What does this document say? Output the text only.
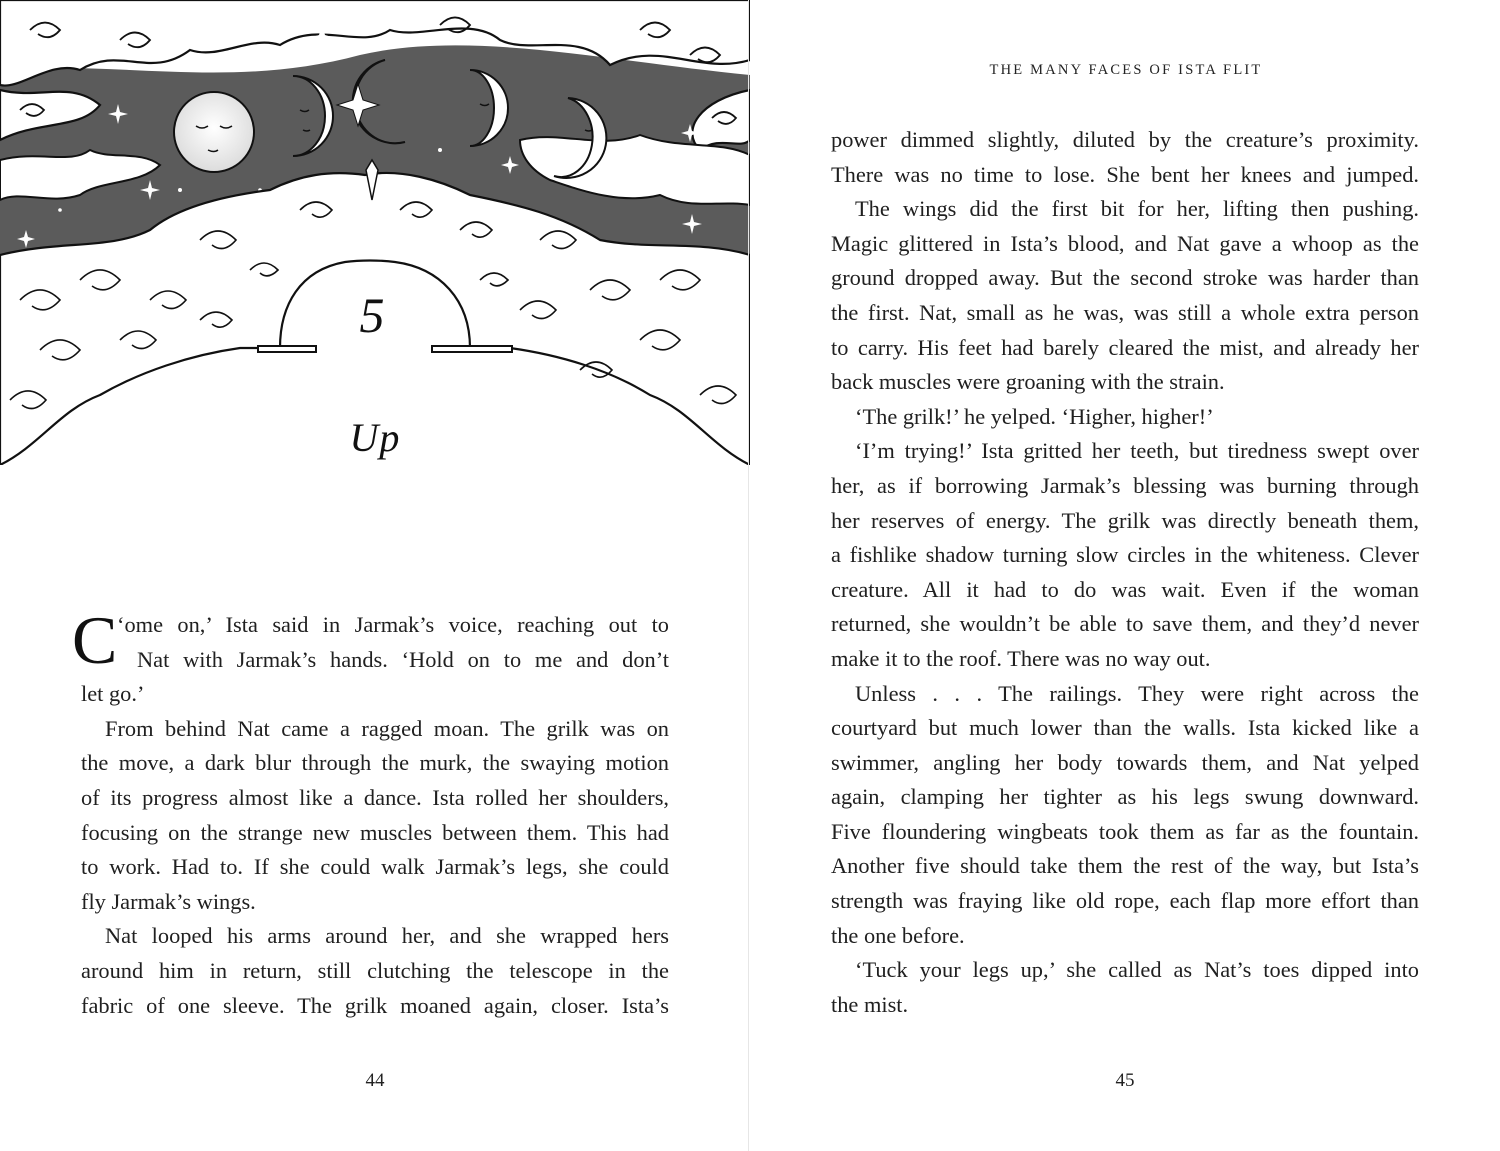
5
Up
C ‘ome on,’ Ista said in Jarmak’s voice, reaching out to

Nat with Jarmak’s hands. ‘Hold on to me and don’t

let go.’

From behind Nat came a ragged moan. The grilk was on

the move, a dark blur through the murk, the swaying motion

of its progress almost like a dance. Ista rolled her shoulders,

focusing on the strange new muscles between them. This had

to work. Had to. If she could walk Jarmak’s legs, she could

fly Jarmak’s wings.

Nat looped his arms around her, and she wrapped hers

around him in return, still clutching the telescope in the

fabric of one sleeve. The grilk moaned again, closer. Ista’s

44
THE MANY FACES OF ISTA FLIT

power dimmed slightly, diluted by the creature’s proximity.

There was no time to lose. She bent her knees and jumped.

The wings did the first bit for her, lifting then pushing.

Magic glittered in Ista’s blood, and Nat gave a whoop as the

ground dropped away. But the second stroke was harder than

the first. Nat, small as he was, was still a whole extra person

to carry. His feet had barely cleared the mist, and already her

back muscles were groaning with the strain.

‘The grilk!’ he yelped. ‘Higher, higher!’

‘I’m trying!’ Ista gritted her teeth, but tiredness swept over

her, as if borrowing Jarmak’s blessing was burning through

her reserves of energy. The grilk was directly beneath them,

a fishlike shadow turning slow circles in the whiteness. Clever

creature. All it had to do was wait. Even if the woman

returned, she wouldn’t be able to save them, and they’d never

make it to the roof. There was no way out.

Unless . . . The railings. They were right across the

courtyard but much lower than the walls. Ista kicked like a

swimmer, angling her body towards them, and Nat yelped

again, clamping her tighter as his legs swung downward.

Five floundering wingbeats took them as far as the fountain.

Another five should take them the rest of the way, but Ista’s

strength was fraying like old rope, each flap more effort than

the one before.

‘Tuck your legs up,’ she called as Nat’s toes dipped into

the mist.

45
